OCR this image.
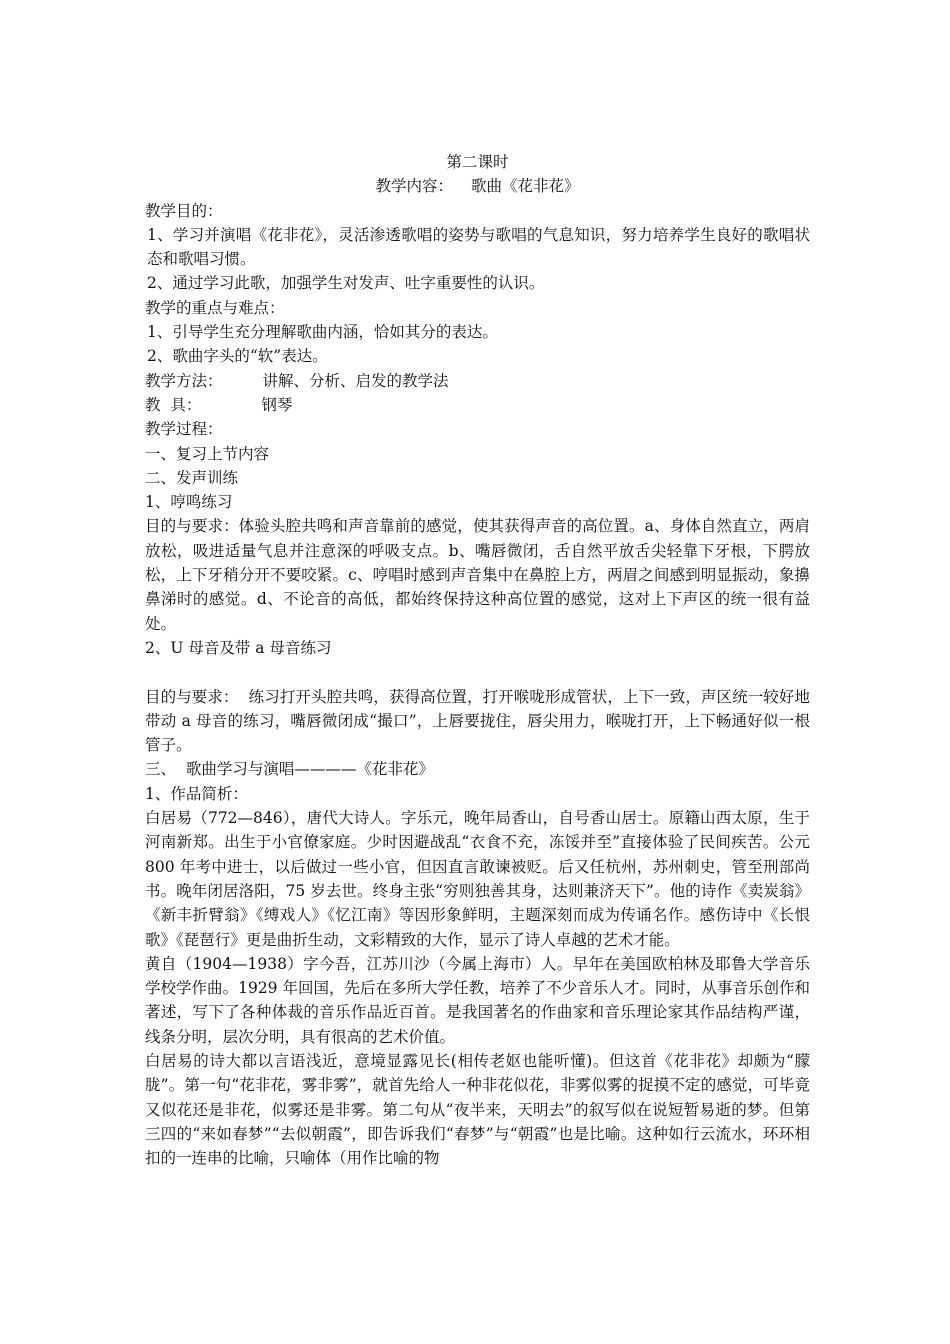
第二课时
教学内容： 歌曲《花非花》
教学目的：
1、学习并演唱《花非花》，灵活渗透歌唱的姿势与歌唱的气息知识，努力培养学生良好的歌唱状态和歌唱习惯。
2、通过学习此歌，加强学生对发声、吐字重要性的认识。
教学的重点与难点：
1、引导学生充分理解歌曲内涵，恰如其分的表达。
2、歌曲字头的“软”表达。
教学方法：	讲解、分析、启发的教学法
教  具：	钢琴
教学过程：
一、复习上节内容
二、发声训练
1、哼鸣练习
目的与要求：体验头腔共鸣和声音靠前的感觉，使其获得声音的高位置。a、身体自然直立，两肩放松，吸进适量气息并注意深的呼吸支点。b、嘴唇微闭，舌自然平放舌尖轻靠下牙根，下腭放松，上下牙稍分开不要咬紧。c、哼唱时感到声音集中在鼻腔上方，两眉之间感到明显振动，象擤鼻涕时的感觉。d、不论音的高低，都始终保持这种高位置的感觉，这对上下声区的统一很有益处。
2、U 母音及带 a 母音练习
目的与要求：  练习打开头腔共鸣，获得高位置，打开喉咙形成管状，上下一致，声区统一较好地带动 a 母音的练习，嘴唇微闭成“撮口”，上唇要拢住，唇尖用力，喉咙打开，上下畅通好似一根管子。
三、  歌曲学习与演唱————《花非花》
1、作品简析：
白居易（772—846），唐代大诗人。字乐元，晚年局香山，自号香山居士。原籍山西太原，生于河南新郑。出生于小官僚家庭。少时因避战乱“衣食不充，冻馁并至”直接体验了民间疾苦。公元 800 年考中进士，以后做过一些小官，但因直言敢谏被贬。后又任杭州，苏州刺史，管至刑部尚书。晚年闭居洛阳，75 岁去世。终身主张“穷则独善其身，达则兼济天下”。他的诗作《卖炭翁》《新丰折臂翁》《缚戏人》《忆江南》等因形象鲜明，主题深刻而成为传诵名作。感伤诗中《长恨歌》《琵琶行》更是曲折生动，文彩精致的大作，显示了诗人卓越的艺术才能。
黄自（1904—1938）字今吾，江苏川沙（今属上海市）人。早年在美国欧柏林及耶鲁大学音乐学校学作曲。1929 年回国，先后在多所大学任教，培养了不少音乐人才。同时，从事音乐创作和著述，写下了各种体裁的音乐作品近百首。是我国著名的作曲家和音乐理论家其作品结构严谨，线条分明，层次分明，具有很高的艺术价值。
白居易的诗大都以言语浅近，意境显露见长(相传老妪也能听懂)。但这首《花非花》却颇为“朦胧”。第一句“花非花，雾非雾”，就首先给人一种非花似花，非雾似雾的捉摸不定的感觉，可毕竟又似花还是非花，似雾还是非雾。第二句从“夜半来，天明去”的叙写似在说短暂易逝的梦。但第三四的“来如春梦”“去似朝霞”，即告诉我们“春梦”与“朝霞”也是比喻。这种如行云流水，环环相扣的一连串的比喻，只喻体（用作比喻的物
